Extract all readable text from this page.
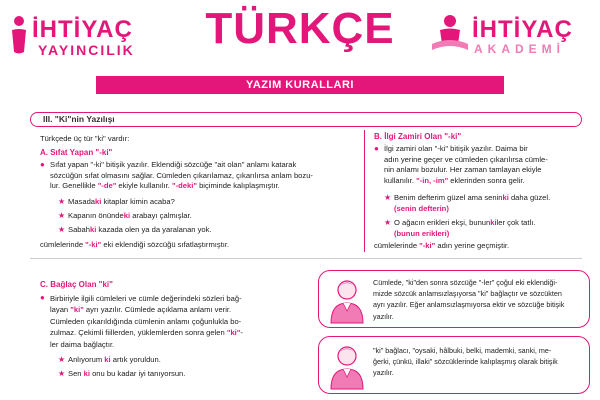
İHTİYAÇ
YAYINCILIK	TÜRKÇE	İHTİYAÇ
AKADEMİ
YAZIM KURALLARI
III. "Ki"nin Yazılışı
Türkçede üç tür "ki" vardır:
A. Sıfat Yapan "-ki"
● Sıfat yapan "-ki" bitişik yazılır. Eklendiği sözcüğe "ait olan" anlamı katarak
sözcüğün sıfat olmasını sağlar. Cümleden çıkarılamaz, çıkarılırsa anlam bozu-
lur. Genellikle "-de" ekiyle kullanılır. "-deki" biçiminde kalıplaşmıştır.
★ Masadaki kitaplar kimin acaba?
★ Kapanın önündeki arabayı çalmışlar.
★ Sabahki kazada olen ya da yaralanan yok.
cümlelerinde "-ki" eki eklendiği sözcüğü sıfatlaştırmıştır.
B. İlgi Zamiri Olan "-ki"
● İlgi zamiri olan "-ki" bitişik yazılır. Daima bir
adın yerine geçer ve cümleden çıkarılırsa cümle-
nin anlamı bozulur. Her zaman tamlayan ekiyle
kullanılır. "-in, -im" eklerinden sonra gelir.
★ Benim defterim güzel ama seninki daha güzel.
(senin defterin)
★ O ağacın erikleri ekşi, bununkiler çok tatlı.
(bunun erikleri)
cümlelerinde "-ki" adın yerine geçmiştir.
C. Bağlaç Olan "ki"
● Birbiriyle ilgili cümleleri ve cümle değerindeki sözleri bağ-
layan "ki" ayrı yazılır. Cümlede açıklama anlamı verir.
Cümleden çıkarıldığında cümlenin anlamı çoğunlukla bo-
zulmaz. Çekimli fiillerden, yüklemlerden sonra gelen "ki"-
ler daima bağlaçtır.
★ Anlıyorum ki artık yoruldun.
★ Sen ki onu bu kadar iyi tanıyorsun.
Cümlede, "ki"den sonra sözcüğe "-ler" çoğul eki eklendiği-
mizde sözcük anlamsızlaşıyorsa "ki" bağlaçtır ve sözcükten
ayrı yazılır. Eğer anlamsızlaşmıyorsa ektir ve sözcüğe bitişik
yazılır.
"ki" bağlacı, "oysaki, hâlbuki, belki, mademki, sanki, me-
ğerki, çünkü, illaki" sözcüklerinde kalıplaşmış olarak bitişik
yazılır.
